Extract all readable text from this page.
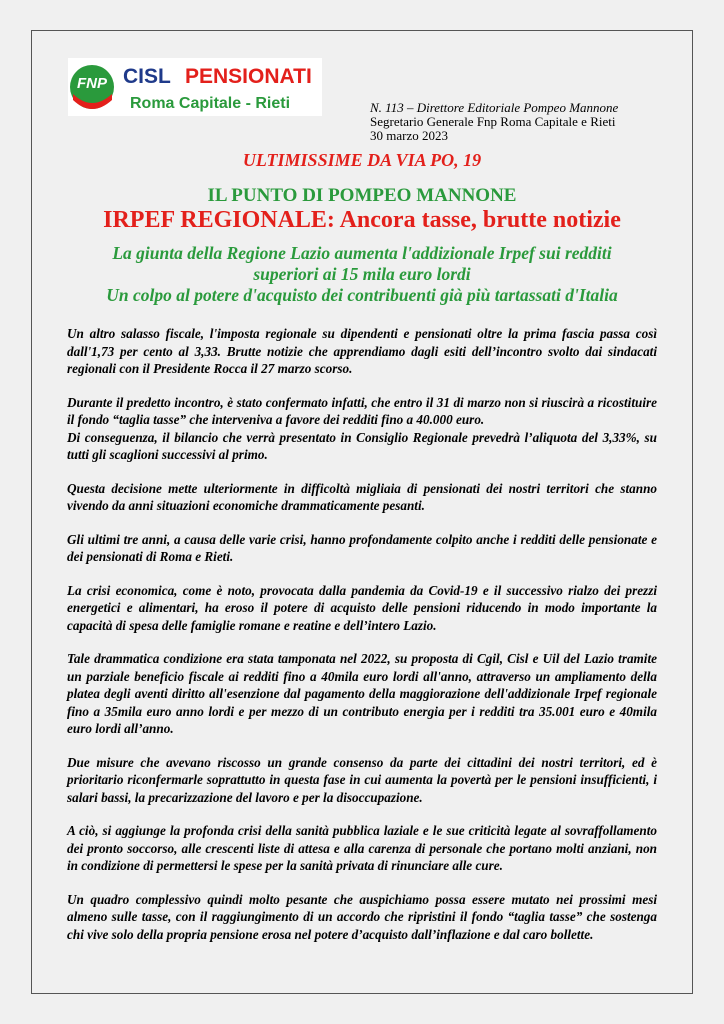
FNP CISL PENSIONATI
Roma Capitale - Rieti	N. 113 – Direttore Editoriale Pompeo Mannone
Segretario Generale Fnp Roma Capitale e Rieti
30 marzo 2023
ULTIMISSIME DA VIA PO, 19
IL PUNTO DI POMPEO MANNONE
IRPEF REGIONALE: Ancora tasse, brutte notizie
La giunta della Regione Lazio aumenta l'addizionale Irpef sui redditi
superiori ai 15 mila euro lordi
Un colpo al potere d'acquisto dei contribuenti già più tartassati d'Italia

Un altro salasso fiscale, l'imposta regionale su dipendenti e pensionati oltre la prima fascia passa così dall'1,73 per cento al 3,33. Brutte notizie che apprendiamo dagli esiti dell’incontro svolto dai sindacati regionali con il Presidente Rocca il 27 marzo scorso.

Durante il predetto incontro, è stato confermato infatti, che entro il 31 di marzo non si riuscirà a ricostituire il fondo “taglia tasse” che interveniva a favore dei redditi fino a 40.000 euro.

Di conseguenza, il bilancio che verrà presentato in Consiglio Regionale prevedrà l’aliquota del 3,33%, su tutti gli scaglioni successivi al primo.

Questa decisione mette ulteriormente in difficoltà migliaia di pensionati dei nostri territori che stanno vivendo da anni situazioni economiche drammaticamente pesanti.

Gli ultimi tre anni, a causa delle varie crisi, hanno profondamente colpito anche i redditi delle pensionate e dei pensionati di Roma e Rieti.

La crisi economica, come è noto, provocata dalla pandemia da Covid-19 e il successivo rialzo dei prezzi energetici e alimentari, ha eroso il potere di acquisto delle pensioni riducendo in modo importante la capacità di spesa delle famiglie romane e reatine e dell’intero Lazio.

Tale drammatica condizione era stata tamponata nel 2022, su proposta di Cgil, Cisl e Uil del Lazio tramite un parziale beneficio fiscale ai redditi fino a 40mila euro lordi all'anno, attraverso un ampliamento della platea degli aventi diritto all'esenzione dal pagamento della maggiorazione dell'addizionale Irpef regionale fino a 35mila euro anno lordi e per mezzo di un contributo energia per i redditi tra 35.001 euro e 40mila euro lordi all’anno.

Due misure che avevano riscosso un grande consenso da parte dei cittadini dei nostri territori, ed è prioritario riconfermarle soprattutto in questa fase in cui aumenta la povertà per le pensioni insufficienti, i salari bassi, la precarizzazione del lavoro e per la disoccupazione.

A ciò, si aggiunge la profonda crisi della sanità pubblica laziale e le sue criticità legate al sovraffollamento dei pronto soccorso, alle crescenti liste di attesa e alla carenza di personale che portano molti anziani, non in condizione di permettersi le spese per la sanità privata di rinunciare alle cure.

Un quadro complessivo quindi molto pesante che auspichiamo possa essere mutato nei prossimi mesi almeno sulle tasse, con il raggiungimento di un accordo che ripristini il fondo “taglia tasse” che sostenga chi vive solo della propria pensione erosa nel potere d’acquisto dall’inflazione e dal caro bollette.
